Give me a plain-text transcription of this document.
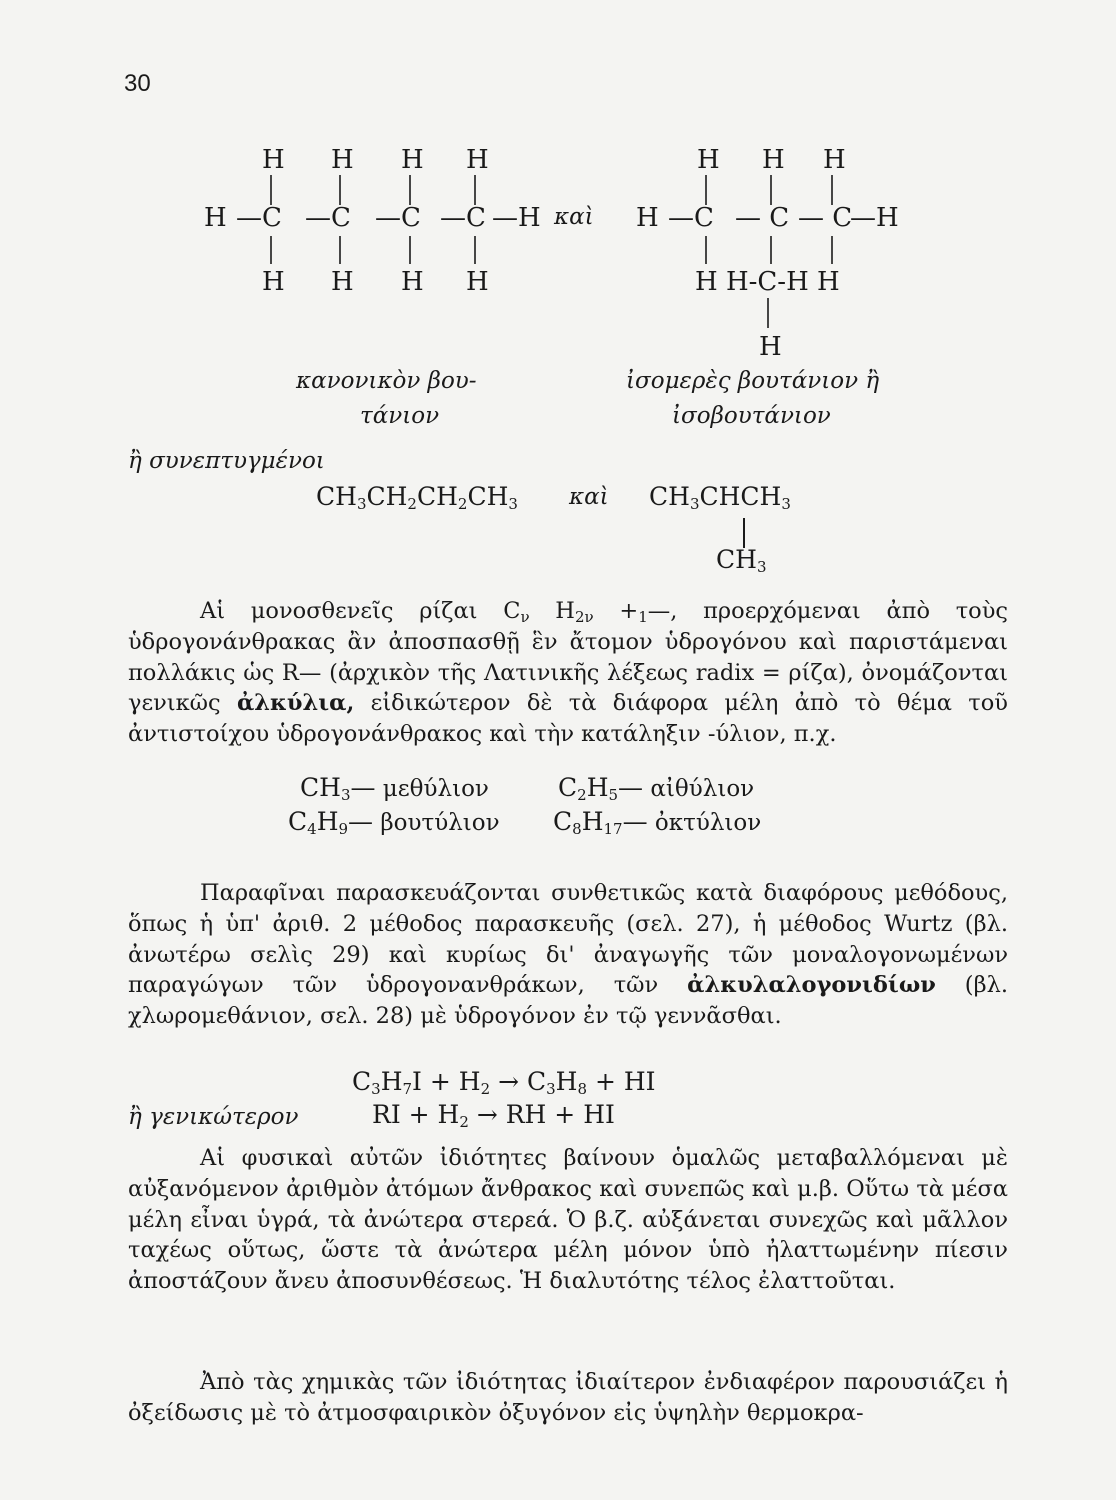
30
H H H H
H —C —C —C —C —H
H H H H
καὶ
H H H
H —C — C — C
—H
H H-C-H H
H
κανονικὸν βου-
τάνιον
ἰσομερὲς βουτάνιον ἢ
ἰσοβουτάνιον
ἢ συνεπτυγμένοι
$CH_3CH_2CH_2CH_3$ καὶ $CH_3CHCH_3$
$CH_3$
Αἱ μονοσθενεῖς ρίζαι $C_\nu$ $H_{2\nu}$ $+_1—$, προερχόμεναι ἀπὸ τοὺς ὑδρογονάνθρακας ἂν ἀποσπασθῇ ἓν ἄτομον ὑδρογόνου καὶ παριστάμεναι πολλάκις ὡς R— (ἀρχικὸν τῆς Λατινικῆς λέξεως radix = ρίζα), ὀνομάζονται γενικῶς ἀλκύλια, εἰδικώτερον δὲ τὰ διάφορα μέλη ἀπὸ τὸ θέμα τοῦ ἀντιστοίχου ὑδρογονάνθρακος καὶ τὴν κατάληξιν -ύλιον, π.χ.
$CH_3—$ μεθύλιον	$C_2H_5—$ αἰθύλιον
$C_4H_9—$ βουτύλιον $C_8H_{17}—$ ὀκτύλιον
Παραφῖναι παρασκευάζονται συνθετικῶς κατὰ διαφόρους μεθόδους, ὅπως ἡ ὑπ' ἀριθ. 2 μέθοδος παρασκευῆς (σελ. 27), ἡ μέθοδος Wurtz (βλ. ἀνωτέρω σελὶς 29) καὶ κυρίως δι' ἀναγωγῆς τῶν μοναλογονωμένων παραγώγων τῶν ὑδρογονανθράκων, τῶν ἀλκυλαλογονιδίων (βλ. χλωρομεθάνιον, σελ. 28) μὲ ὑδρογόνον ἐν τῷ γεννᾶσθαι.
$C_3H_7I + H_2 \to C_3H_8$ + HI
ἢ γενικώτερον	RI + $H_2$ → RH + HI
Αἱ φυσικαὶ αὐτῶν ἰδιότητες βαίνουν ὁμαλῶς μεταβαλλόμεναι μὲ αὐξανόμενον ἀριθμὸν ἀτόμων ἄνθρακος καὶ συνεπῶς καὶ μ.β. Οὕτω τὰ μέσα μέλη εἶναι ὑγρά, τὰ ἀνώτερα στερεά. Ὁ β.ζ. αὐξάνεται συνεχῶς καὶ μᾶλλον ταχέως οὕτως, ὥστε τὰ ἀνώτερα μέλη μόνον ὑπὸ ἠλαττωμένην πίεσιν ἀποστάζουν ἄνευ ἀποσυνθέσεως. Ἡ διαλυτότης τέλος ἐλαττοῦται.
Ἀπὸ τὰς χημικὰς τῶν ἰδιότητας ἰδιαίτερον ἐνδιαφέρον παρουσιάζει ἡ ὀξείδωσις μὲ τὸ ἀτμοσφαιρικὸν ὀξυγόνον εἰς ὑψηλὴν θερμοκρα-
